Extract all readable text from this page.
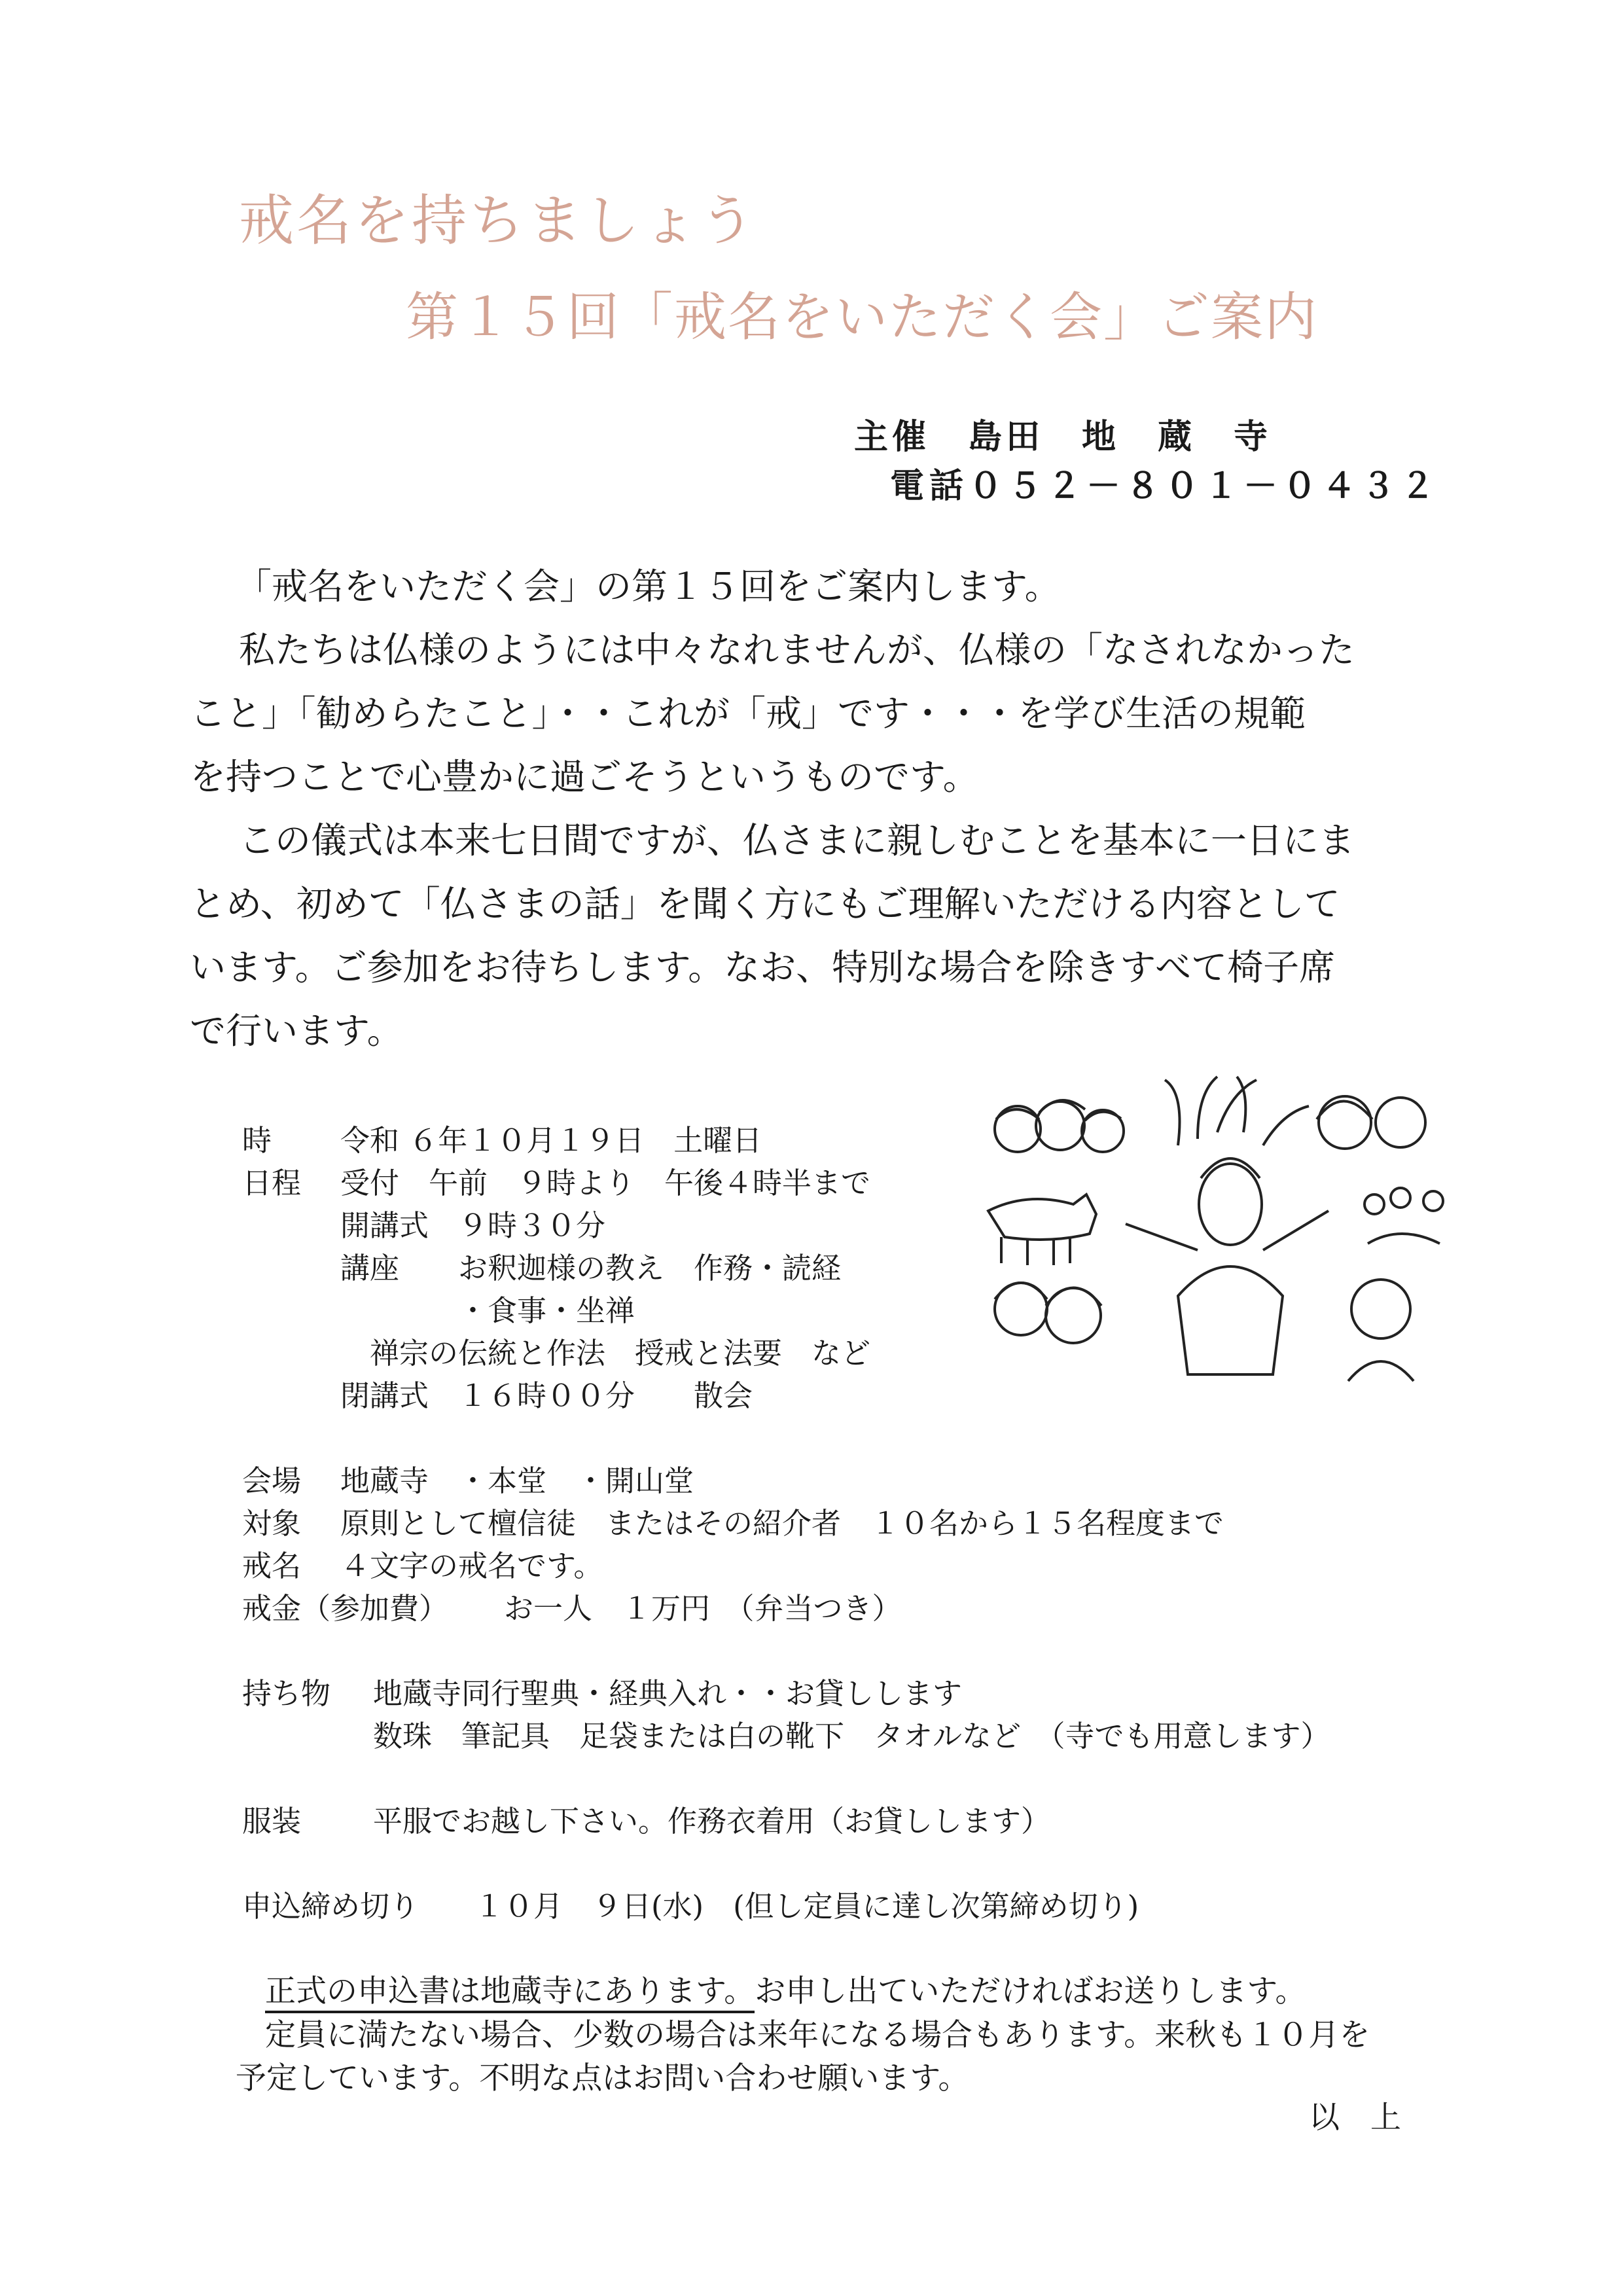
戒名を持ちましょう
第１５回「戒名をいただく会」ご案内
主催　島田　地　蔵　寺
電話０５２－８０１－０４３２
「戒名をいただく会」の第１５回をご案内します。
　私たちは仏様のようには中々なれませんが、仏様の「なされなかった
こと」「勧めらたこと」・・これが「戒」です・・・を学び生活の規範
を持つことで心豊かに過ごそうというものです。
　この儀式は本来七日間ですが、仏さまに親しむことを基本に一日にま
とめ、初めて「仏さまの話」を聞く方にもご理解いただける内容として
います。ご参加をお待ちします。なお、特別な場合を除きすべて椅子席
で行います。
時 令和 ６年１０月１９日　土曜日
日程 受付　午前　９時より　午後４時半まで
開講式　９時３０分
講座　　お釈迦様の教え　作務・読経
　　　　・食事・坐禅
　禅宗の伝統と作法　授戒と法要　など
閉講式　１６時００分　　散会
会場 地蔵寺　・本堂　・開山堂
対象 原則として檀信徒　またはその紹介者　１０名から１５名程度まで
戒名 ４文字の戒名です。
戒金（参加費） お一人　１万円　（弁当つき）
持ち物 地蔵寺同行聖典・経典入れ・・お貸しします
数珠　筆記具　足袋または白の靴下　タオルなど　（寺でも用意します）
服装 平服でお越し下さい。作務衣着用（お貸しします）
申込締め切り １０月　９日(水)　(但し定員に達し次第締め切り)
正式の申込書は地蔵寺にあります。お申し出ていただければお送りします。
定員に満たない場合、少数の場合は来年になる場合もあります。来秋も１０月を
予定しています。不明な点はお問い合わせ願います。
以　上
